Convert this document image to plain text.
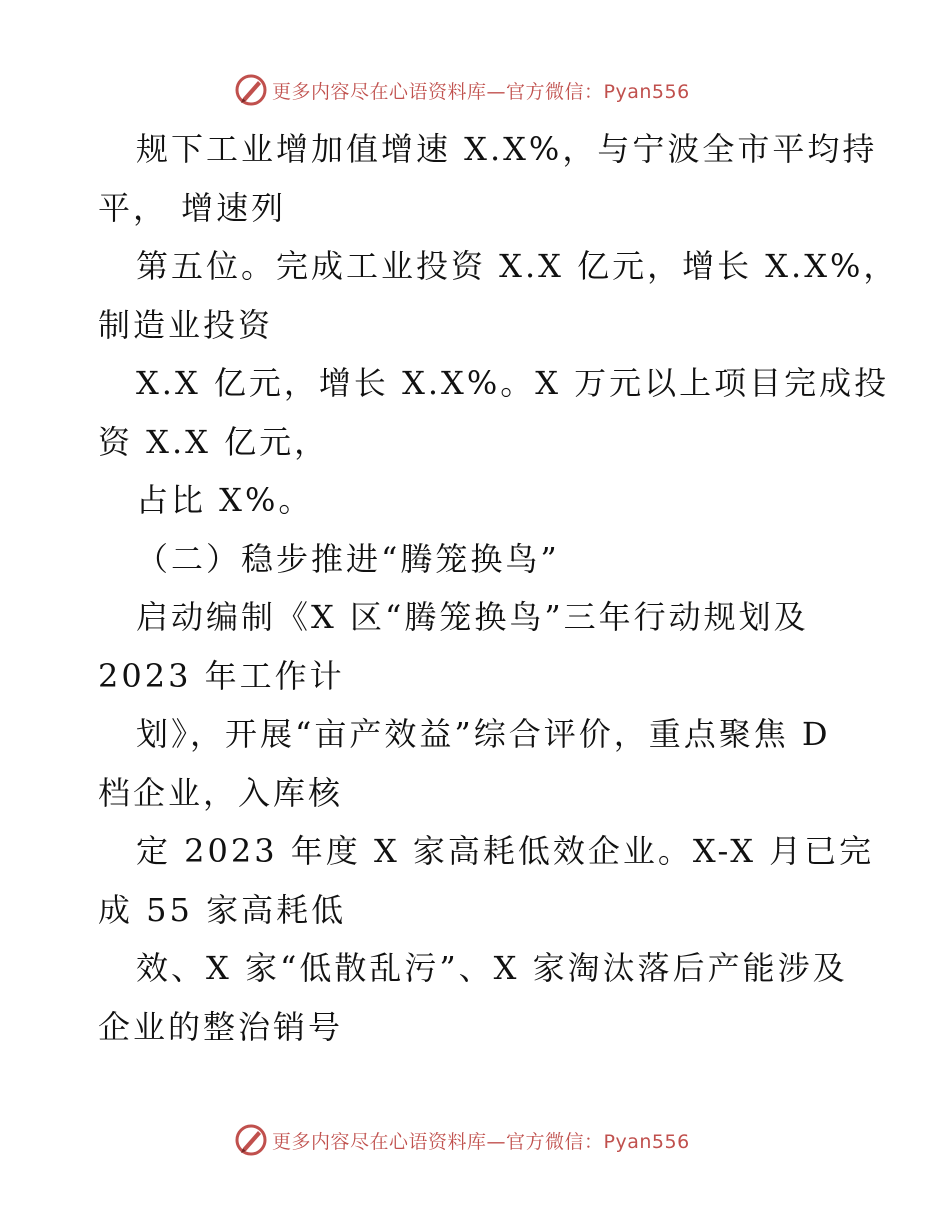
更多内容尽在心语资料库—官方微信：Pyan556
规下工业增加值增速 X.X%，与宁波全市平均持
平， 增速列
第五位。完成工业投资 X.X 亿元，增长 X.X%，
制造业投资
X.X 亿元，增长 X.X%。X 万元以上项目完成投
资 X.X 亿元，
占比 X%。
（二）稳步推进“腾笼换鸟”
启动编制《X 区“腾笼换鸟”三年行动规划及
2023 年工作计
划》，开展“亩产效益”综合评价，重点聚焦 D
档企业，入库核
定 2023 年度 X 家高耗低效企业。X-X 月已完
成 55 家高耗低
效、X 家“低散乱污”、X 家淘汰落后产能涉及
企业的整治销号
更多内容尽在心语资料库—官方微信：Pyan556
